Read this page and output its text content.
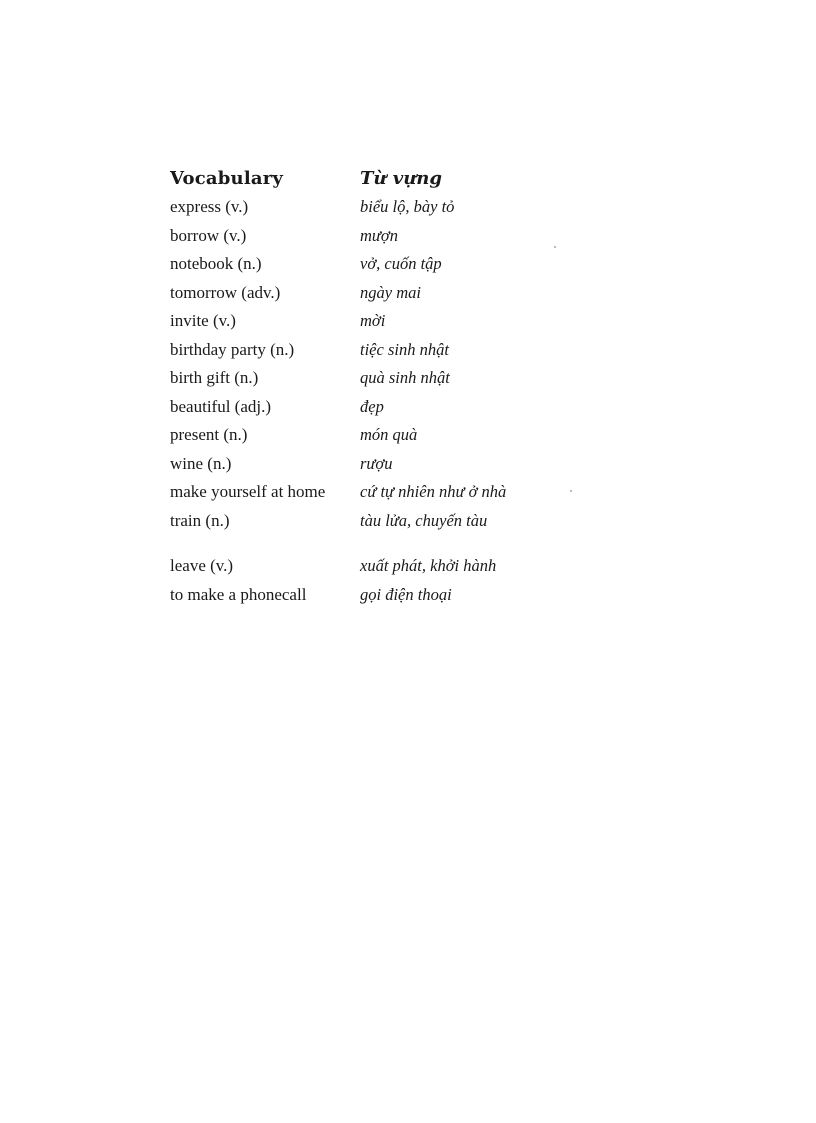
Vocabulary	Từ vựng
express (v.)	biểu lộ, bày tỏ
borrow (v.)	mượn
notebook (n.)	vở, cuốn tập
tomorrow (adv.)	ngày mai
invite (v.)	mời
birthday party (n.)	tiệc sinh nhật
birth gift (n.)	quà sinh nhật
beautiful (adj.)	đẹp
present (n.)	món quà
wine (n.)	rượu
make yourself at home	cứ tự nhiên như ở nhà
train (n.)	tàu lửa, chuyến tàu
leave (v.)	xuất phát, khởi hành
to make a phonecall	gọi điện thoại
